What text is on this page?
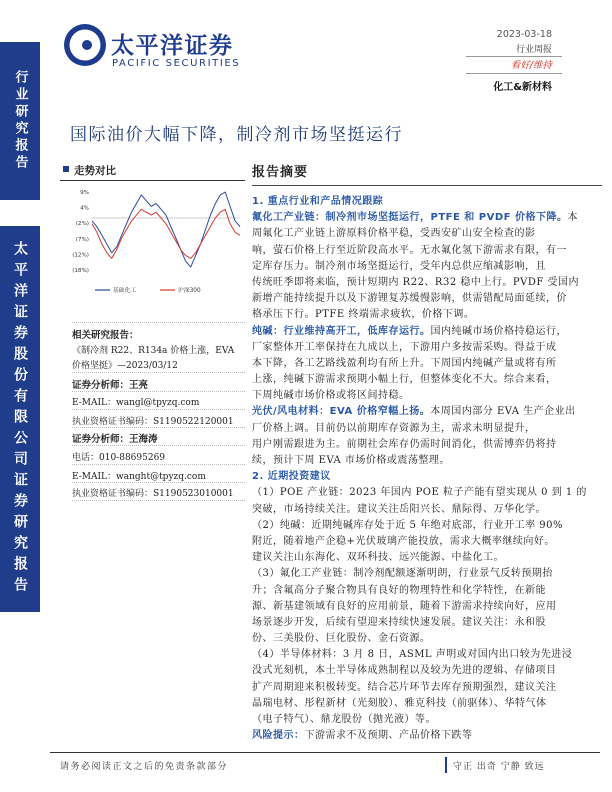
行业研究报告
太平洋证券股份有限公司证券研究报告
太平洋证券
PACIFIC SECURITIES
2023-03-18
行业周报
看好/维持
化工&新材料
国际油价大幅下降，制冷剂市场坚挺运行
走势对比
9%
4%
(2%)
(7%)
(12%)
(18%)
基础化工	沪深300
相关研究报告：
《制冷剂 R22、R134a 价格上涨，EVA
价格坚挺》—2023/03/12
证券分析师：王亮
E-MAIL：wangl@tpyzq.com
执业资格证书编码：S1190522120001
证券分析师：王海涛
电话：010-88695269
E-MAIL：wanght@tpyzq.com
执业资格证书编码：S1190523010001
报告摘要
1. 重点行业和产品情况跟踪
氟化工产业链：制冷剂市场坚挺运行，PTFE 和 PVDF 价格下降。本
周氟化工产业链上游原料价格平稳，受西安矿山安全检查的影
响，萤石价格上行至近阶段高水平。无水氟化氢下游需求有限，有一
定库存压力。制冷剂市场坚挺运行，受年内总供应缩减影响，且
传统旺季即将来临，预计短期内 R22、R32 稳中上行。PVDF 受国内
新增产能持续提升以及下游锂复苏缓慢影响，供需错配局面延续，价
格承压下行。PTFE 终端需求疲软，价格下调。
纯碱：行业维持高开工，低库存运行。国内纯碱市场价格持稳运行，
厂家整体开工率保持在九成以上，下游用户多按需采购。得益于成
本下降，各工艺路线盈利均有所上升。下周国内纯碱产量或将有所
上涨，纯碱下游需求预期小幅上行，但整体变化不大。综合来看，
下周纯碱市场价格或将区间持稳。
光伏/风电材料：EVA 价格窄幅上扬。本周国内部分 EVA 生产企业出
厂价格上调。目前仍以前期库存资源为主，需求未明显提升，
用户刚需跟进为主。前期社会库存仍需时间消化，供需博弈仍将持
续，预计下周 EVA 市场价格或震荡整理。
2. 近期投资建议
（1）POE 产业链：2023 年国内 POE 粒子产能有望实现从 0 到 1 的
突破，市场持续关注。建议关注岳阳兴长、鼎际得、万华化学。
（2）纯碱：近期纯碱库存处于近 5 年绝对底部，行业开工率 90%
附近，随着地产企稳+光伏玻璃产能投放，需求大概率继续向好。
建议关注山东海化、双环科技、远兴能源、中盐化工。
（3）氟化工产业链：制冷剂配额逐渐明朗，行业景气反转预期抬
升；含氟高分子聚合物具有良好的物理特性和化学特性，在新能
源、新基建领域有良好的应用前景，随着下游需求持续向好，应用
场景逐步开发，后续有望迎来持续快速发展。建议关注：永和股
份、三美股份、巨化股份、金石资源。
（4）半导体材料：3 月 8 日，ASML 声明或对国内出口较为先进浸
没式光刻机，本土半导体成熟制程以及较为先进的逻辑、存储项目
扩产周期迎来积极转变。结合芯片环节去库存预期强烈，建议关注
晶瑞电材、彤程新材（光刻胶）、雅克科技（前驱体）、华特气体
（电子特气）、鼎龙股份（抛光液）等。
风险提示：下游需求不及预期、产品价格下跌等
请务必阅读正文之后的免责条款部分	守正 出奇 宁静 致远
